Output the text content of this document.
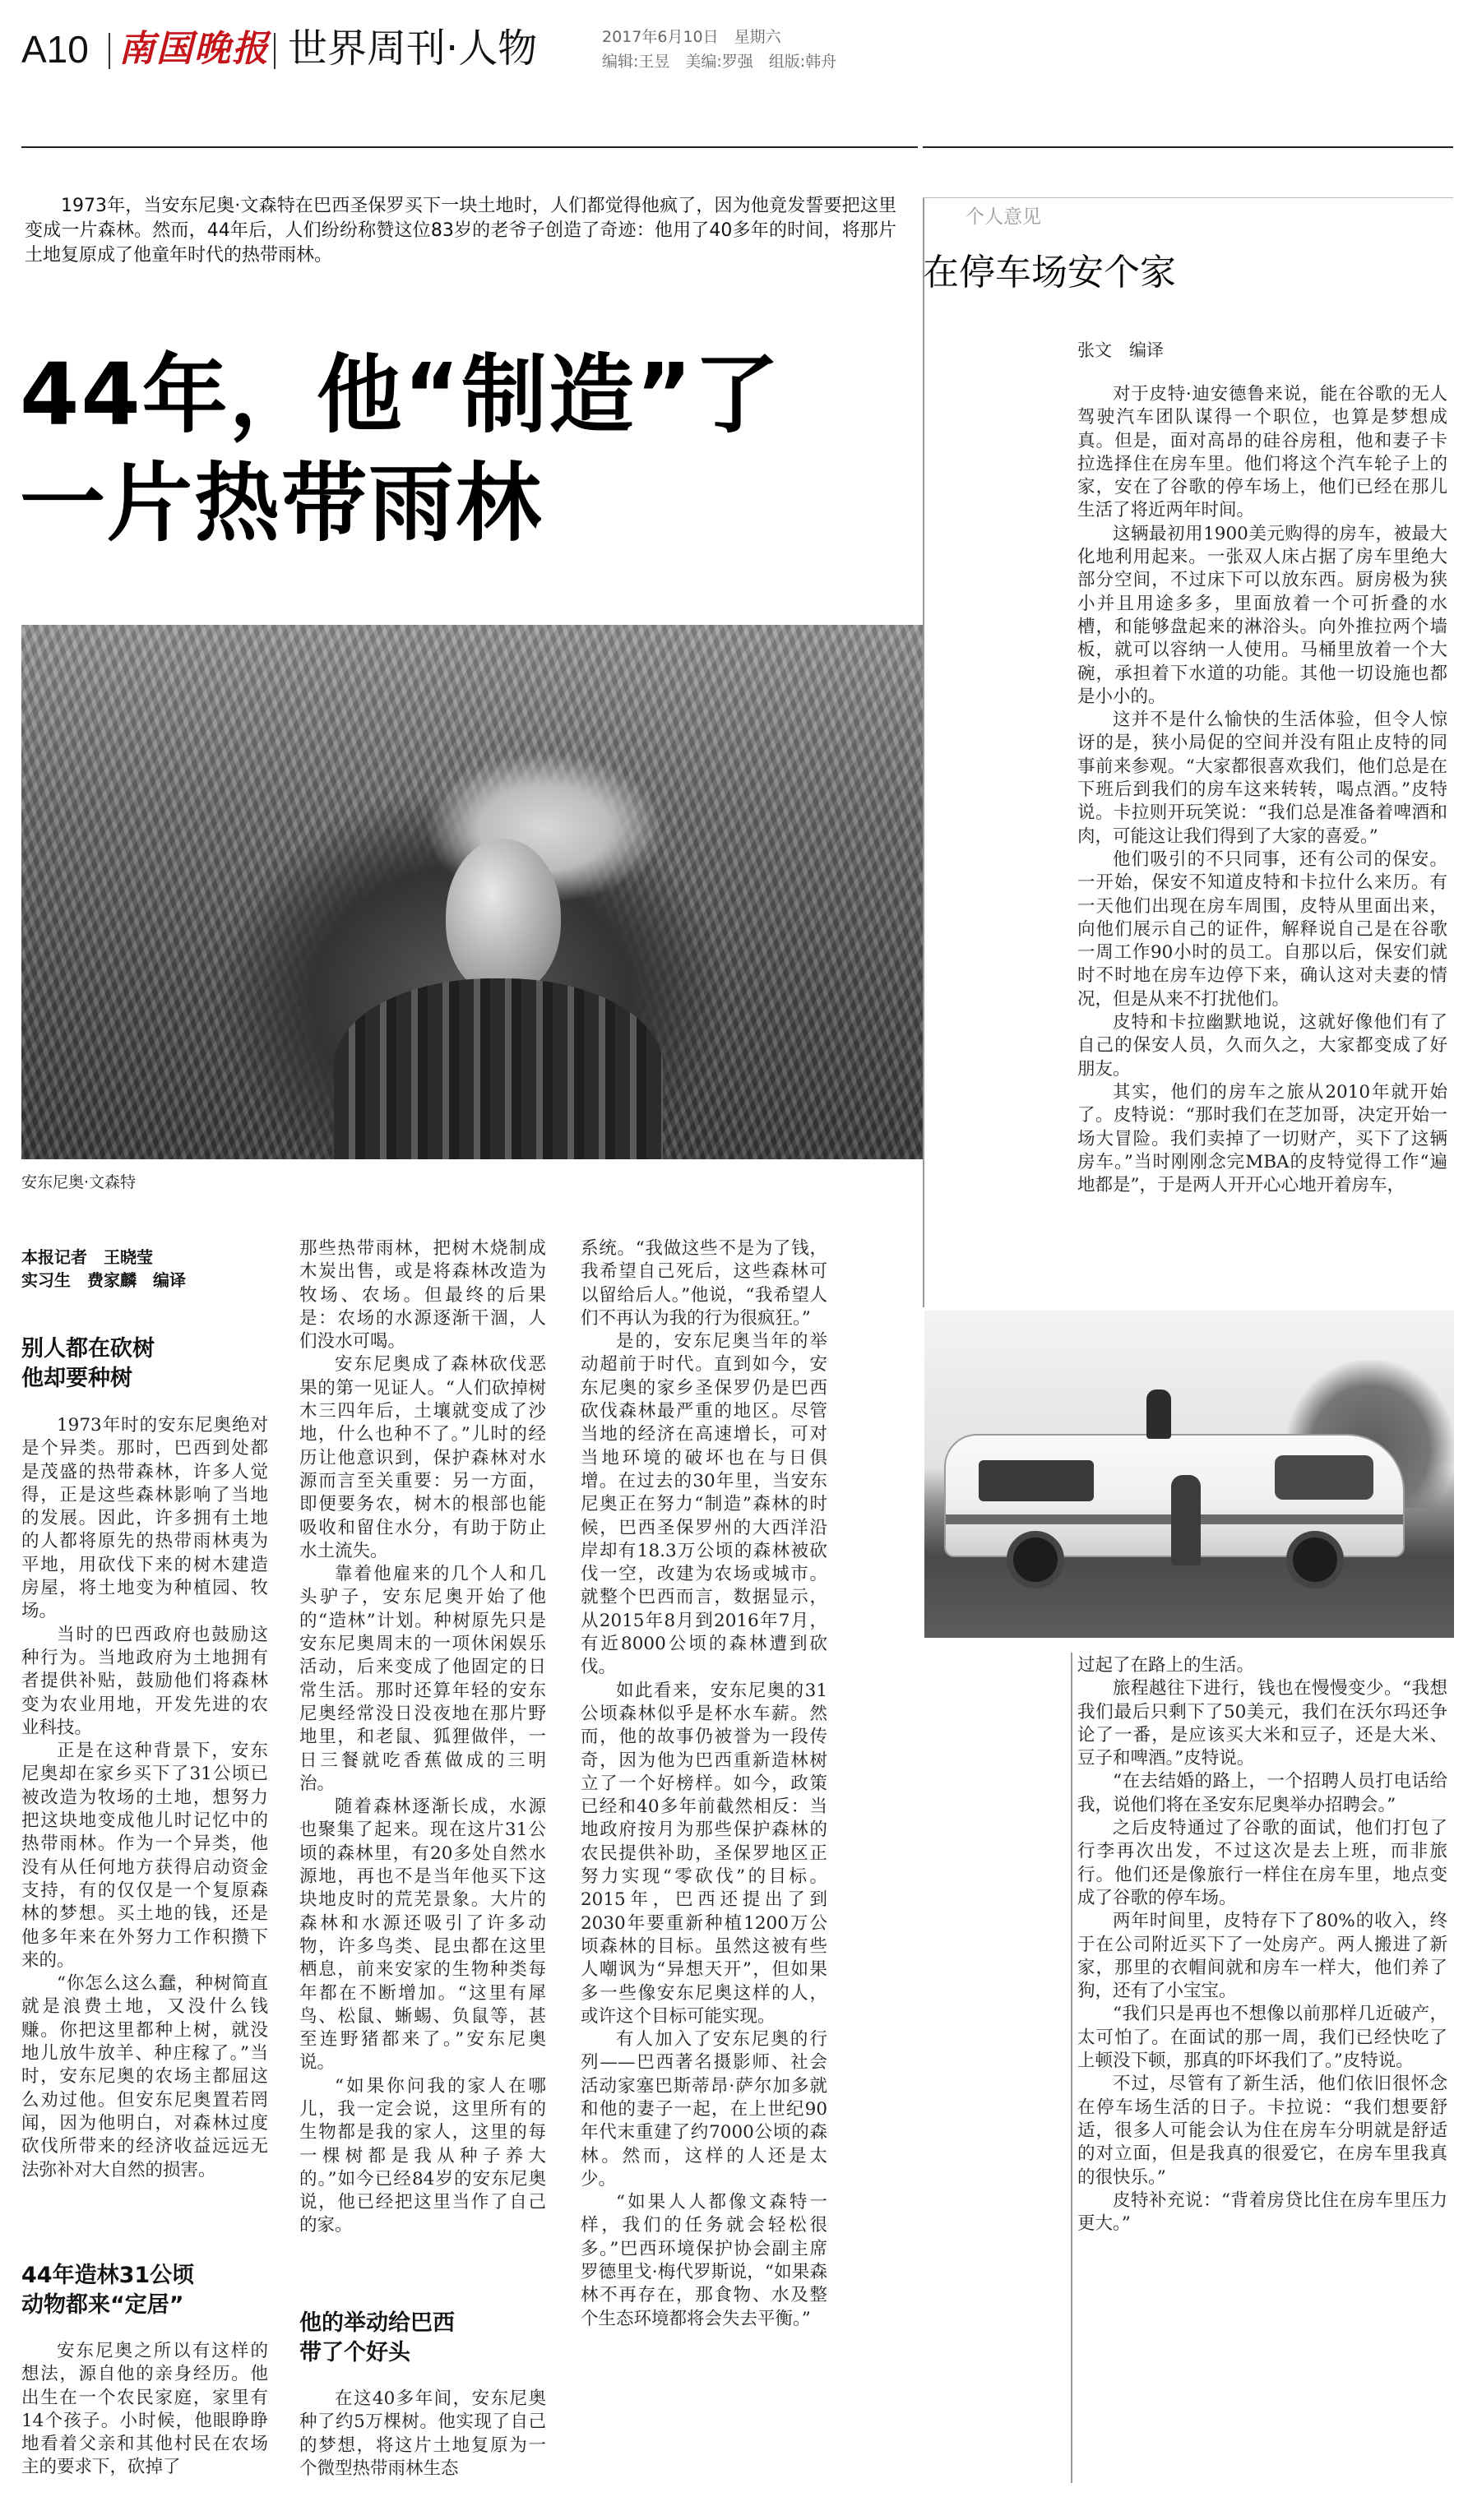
A10 南国晚报 世界周刊·人物	2017年6月10日　星期六
编辑:王昱　美编:罗强　组版:韩舟
1973年，当安东尼奥·文森特在巴西圣保罗买下一块土地时，人们都觉得他疯了，因为他竟发誓要把这里变成一片森林。然而，44年后，人们纷纷称赞这位83岁的老爷子创造了奇迹：他用了40多年的时间，将那片土地复原成了他童年时代的热带雨林。
44年，他“制造”了
一片热带雨林
安东尼奥·文森特
本报记者　王晓莹
实习生　费家麟　编译
别人都在砍树
他却要种树

1973年时的安东尼奥绝对是个异类。那时，巴西到处都是茂盛的热带森林，许多人觉得，正是这些森林影响了当地的发展。因此，许多拥有土地的人都将原先的热带雨林夷为平地，用砍伐下来的树木建造房屋，将土地变为种植园、牧场。

当时的巴西政府也鼓励这种行为。当地政府为土地拥有者提供补贴，鼓励他们将森林变为农业用地，开发先进的农业科技。

正是在这种背景下，安东尼奥却在家乡买下了31公顷已被改造为牧场的土地，想努力把这块地变成他儿时记忆中的热带雨林。作为一个异类，他没有从任何地方获得启动资金支持，有的仅仅是一个复原森林的梦想。买土地的钱，还是他多年来在外努力工作积攒下来的。

“你怎么这么蠢，种树简直就是浪费土地，又没什么钱赚。你把这里都种上树，就没地儿放牛放羊、种庄稼了。”当时，安东尼奥的农场主都屈这么劝过他。但安东尼奥置若罔闻，因为他明白，对森林过度砍伐所带来的经济收益远远无法弥补对大自然的损害。

44年造林31公顷
动物都来“定居”

安东尼奥之所以有这样的想法，源自他的亲身经历。他出生在一个农民家庭，家里有14个孩子。小时候，他眼睁睁地看着父亲和其他村民在农场主的要求下，砍掉了

那些热带雨林，把树木烧制成木炭出售，或是将森林改造为牧场、农场。但最终的后果是：农场的水源逐渐干涸，人们没水可喝。

安东尼奥成了森林砍伐恶果的第一见证人。“人们砍掉树木三四年后，土壤就变成了沙地，什么也种不了。”儿时的经历让他意识到，保护森林对水源而言至关重要：另一方面，即便要务农，树木的根部也能吸收和留住水分，有助于防止水土流失。

靠着他雇来的几个人和几头驴子，安东尼奥开始了他的“造林”计划。种树原先只是安东尼奥周末的一项休闲娱乐活动，后来变成了他固定的日常生活。那时还算年轻的安东尼奥经常没日没夜地在那片野地里，和老鼠、狐狸做伴，一日三餐就吃香蕉做成的三明治。

随着森林逐渐长成，水源也聚集了起来。现在这片31公顷的森林里，有20多处自然水源地，再也不是当年他买下这块地皮时的荒芜景象。大片的森林和水源还吸引了许多动物，许多鸟类、昆虫都在这里栖息，前来安家的生物种类每年都在不断增加。“这里有犀鸟、松鼠、蜥蜴、负鼠等，甚至连野猪都来了。”安东尼奥说。

“如果你问我的家人在哪儿，我一定会说，这里所有的生物都是我的家人，这里的每一棵树都是我从种子养大的。”如今已经84岁的安东尼奥说，他已经把这里当作了自己的家。

他的举动给巴西
带了个好头

在这40多年间，安东尼奥种了约5万棵树。他实现了自己的梦想，将这片土地复原为一个微型热带雨林生态

系统。“我做这些不是为了钱，我希望自己死后，这些森林可以留给后人。”他说，“我希望人们不再认为我的行为很疯狂。”

是的，安东尼奥当年的举动超前于时代。直到如今，安东尼奥的家乡圣保罗仍是巴西砍伐森林最严重的地区。尽管当地的经济在高速增长，可对当地环境的破坏也在与日俱增。在过去的30年里，当安东尼奥正在努力“制造”森林的时候，巴西圣保罗州的大西洋沿岸却有18.3万公顷的森林被砍伐一空，改建为农场或城市。就整个巴西而言，数据显示，从2015年8月到2016年7月，有近8000公顷的森林遭到砍伐。

如此看来，安东尼奥的31公顷森林似乎是杯水车薪。然而，他的故事仍被誉为一段传奇，因为他为巴西重新造林树立了一个好榜样。如今，政策已经和40多年前截然相反：当地政府按月为那些保护森林的农民提供补助，圣保罗地区正努力实现“零砍伐”的目标。2015年，巴西还提出了到2030年要重新种植1200万公顷森林的目标。虽然这被有些人嘲讽为“异想天开”，但如果多一些像安东尼奥这样的人，或许这个目标可能实现。

有人加入了安东尼奥的行列——巴西著名摄影师、社会活动家塞巴斯蒂昂·萨尔加多就和他的妻子一起，在上世纪90年代末重建了约7000公顷的森林。然而，这样的人还是太少。

“如果人人都像文森特一样，我们的任务就会轻松很多。”巴西环境保护协会副主席罗德里戈·梅代罗斯说，“如果森林不再存在，那食物、水及整个生态环境都将会失去平衡。”

个人意见
在停车场安个家
张文　编译

对于皮特·迪安德鲁来说，能在谷歌的无人驾驶汽车团队谋得一个职位，也算是梦想成真。但是，面对高昂的硅谷房租，他和妻子卡拉选择住在房车里。他们将这个汽车轮子上的家，安在了谷歌的停车场上，他们已经在那儿生活了将近两年时间。

这辆最初用1900美元购得的房车，被最大化地利用起来。一张双人床占据了房车里绝大部分空间，不过床下可以放东西。厨房极为狭小并且用途多多，里面放着一个可折叠的水槽，和能够盘起来的淋浴头。向外推拉两个墙板，就可以容纳一人使用。马桶里放着一个大碗，承担着下水道的功能。其他一切设施也都是小小的。

这并不是什么愉快的生活体验，但令人惊讶的是，狭小局促的空间并没有阻止皮特的同事前来参观。“大家都很喜欢我们，他们总是在下班后到我们的房车这来转转，喝点酒。”皮特说。卡拉则开玩笑说：“我们总是准备着啤酒和肉，可能这让我们得到了大家的喜爱。”

他们吸引的不只同事，还有公司的保安。一开始，保安不知道皮特和卡拉什么来历。有一天他们出现在房车周围，皮特从里面出来，向他们展示自己的证件，解释说自己是在谷歌一周工作90小时的员工。自那以后，保安们就时不时地在房车边停下来，确认这对夫妻的情况，但是从来不打扰他们。

皮特和卡拉幽默地说，这就好像他们有了自己的保安人员，久而久之，大家都变成了好朋友。

其实，他们的房车之旅从2010年就开始了。皮特说：“那时我们在芝加哥，决定开始一场大冒险。我们卖掉了一切财产，买下了这辆房车。”当时刚刚念完MBA的皮特觉得工作“遍地都是”，于是两人开开心心地开着房车，

过起了在路上的生活。

旅程越往下进行，钱也在慢慢变少。“我想我们最后只剩下了50美元，我们在沃尔玛还争论了一番，是应该买大米和豆子，还是大米、豆子和啤酒。”皮特说。

“在去结婚的路上，一个招聘人员打电话给我，说他们将在圣安东尼奥举办招聘会。”

之后皮特通过了谷歌的面试，他们打包了行李再次出发，不过这次是去上班，而非旅行。他们还是像旅行一样住在房车里，地点变成了谷歌的停车场。

两年时间里，皮特存下了80%的收入，终于在公司附近买下了一处房产。两人搬进了新家，那里的衣帽间就和房车一样大，他们养了狗，还有了小宝宝。

“我们只是再也不想像以前那样几近破产，太可怕了。在面试的那一周，我们已经快吃了上顿没下顿，那真的吓坏我们了。”皮特说。

不过，尽管有了新生活，他们依旧很怀念在停车场生活的日子。卡拉说：“我们想要舒适，很多人可能会认为住在房车分明就是舒适的对立面，但是我真的很爱它，在房车里我真的很快乐。”

皮特补充说：“背着房贷比住在房车里压力更大。”
